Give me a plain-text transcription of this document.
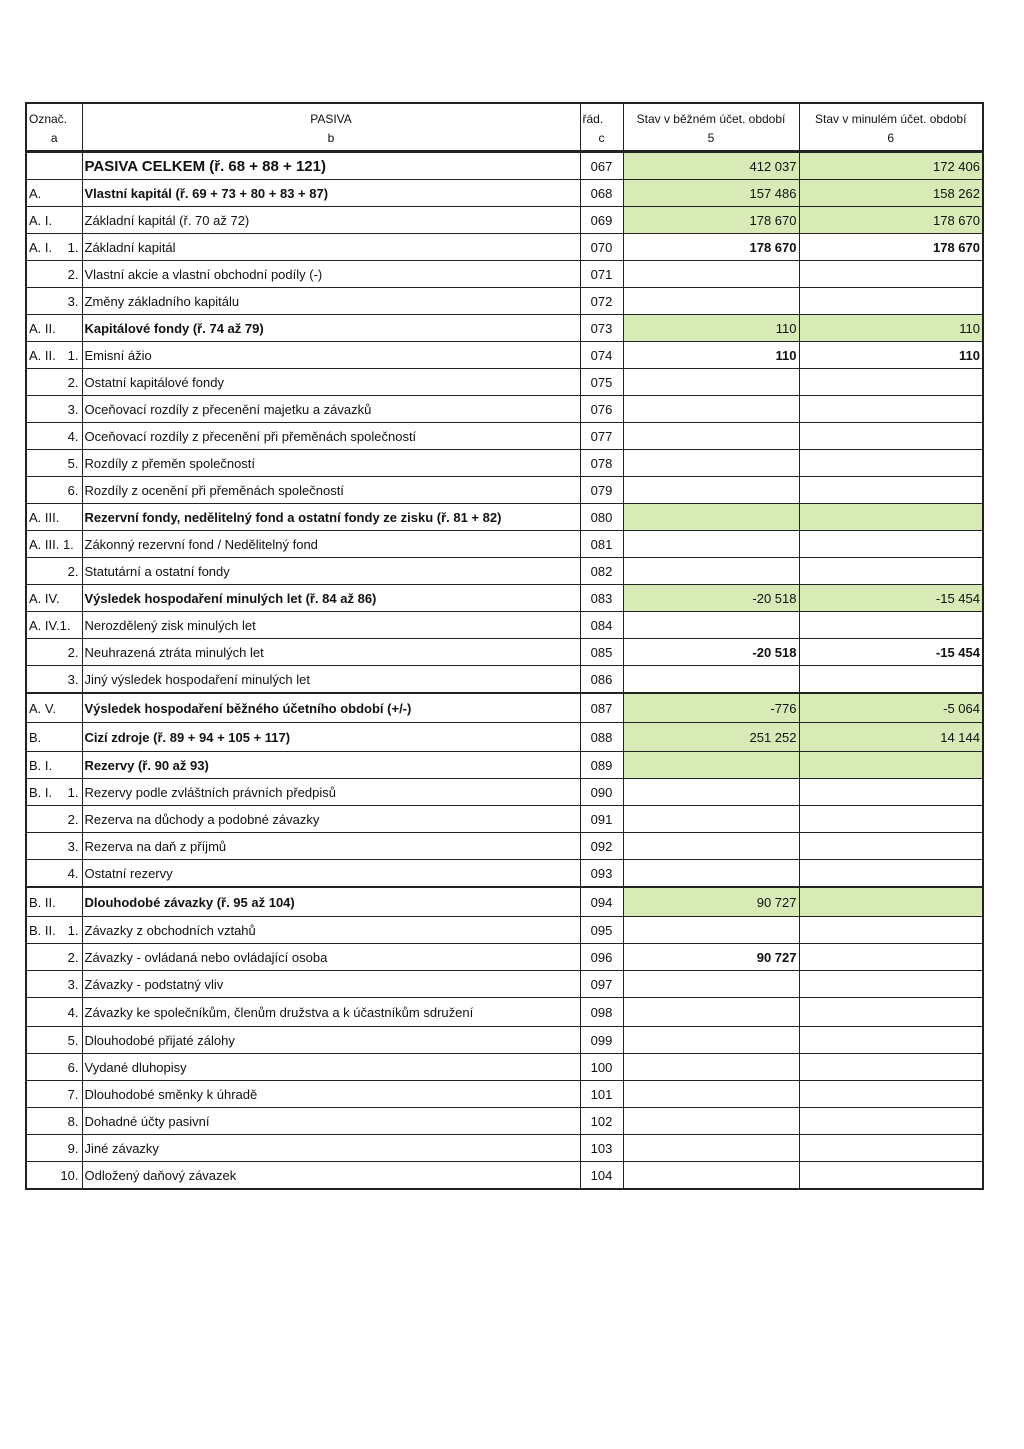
Označ.	PASIVA	řád.	Stav v běžném účet. období	Stav v minulém účet. období
a	b	c	5	6

	PASIVA CELKEM (ř. 68 + 88 + 121)	067	412 037	172 406
A.	Vlastní kapitál (ř. 69 + 73 + 80 + 83 + 87)	068	157 486	158 262
A. I.	Základní kapitál (ř. 70 až 72)	069	178 670	178 670
A. I. 1.	Základní kapitál	070	178 670	178 670

2.	Vlastní akcie a vlastní obchodní podíly (-)	071		

3.	Změny základního kapitálu	072		
A. II.	Kapitálové fondy (ř. 74 až 79)	073	110	110
A. II. 1.	Emisní ážio	074	110	110

2.	Ostatní kapitálové fondy	075		

3.	Oceňovací rozdíly z přecenění majetku a závazků	076		

4.	Oceňovací rozdíly z přecenění při přeměnách společností	077		

5.	Rozdíly z přeměn společností	078		

6.	Rozdíly z ocenění při přeměnách společností	079		
A. III.	Rezervní fondy, nedělitelný fond a ostatní fondy ze zisku (ř. 81 + 82)	080		
A. III. 1.	Zákonný rezervní fond / Nedělitelný fond	081		

2.	Statutární a ostatní fondy	082		
A. IV.	Výsledek hospodaření minulých let (ř. 84 až 86)	083	-20 518	-15 454
A. IV.1.	Nerozdělený zisk minulých let	084		

2.	Neuhrazená ztráta minulých let	085	-20 518	-15 454

3.	Jiný výsledek hospodaření minulých let	086		
A. V.	Výsledek hospodaření běžného účetního období (+/-)	087	-776	-5 064
B.	Cizí zdroje (ř. 89 + 94 + 105 + 117)	088	251 252	14 144
B. I.	Rezervy (ř. 90 až 93)	089		
B. I. 1.	Rezervy podle zvláštních právních předpisů	090		

2.	Rezerva na důchody a podobné závazky	091		

3.	Rezerva na daň z příjmů	092		

4.	Ostatní rezervy	093		
B. II.	Dlouhodobé závazky (ř. 95 až 104)	094	90 727	
B. II. 1.	Závazky z obchodních vztahů	095		

2.	Závazky - ovládaná nebo ovládající osoba	096	90 727	

3.	Závazky - podstatný vliv	097		

4.	Závazky ke společníkům, členům družstva a k účastníkům sdružení	098		

5.	Dlouhodobé přijaté zálohy	099		

6.	Vydané dluhopisy	100		

7.	Dlouhodobé směnky k úhradě	101		

8.	Dohadné účty pasivní	102		

9.	Jiné závazky	103		

10.	Odložený daňový závazek	104		
